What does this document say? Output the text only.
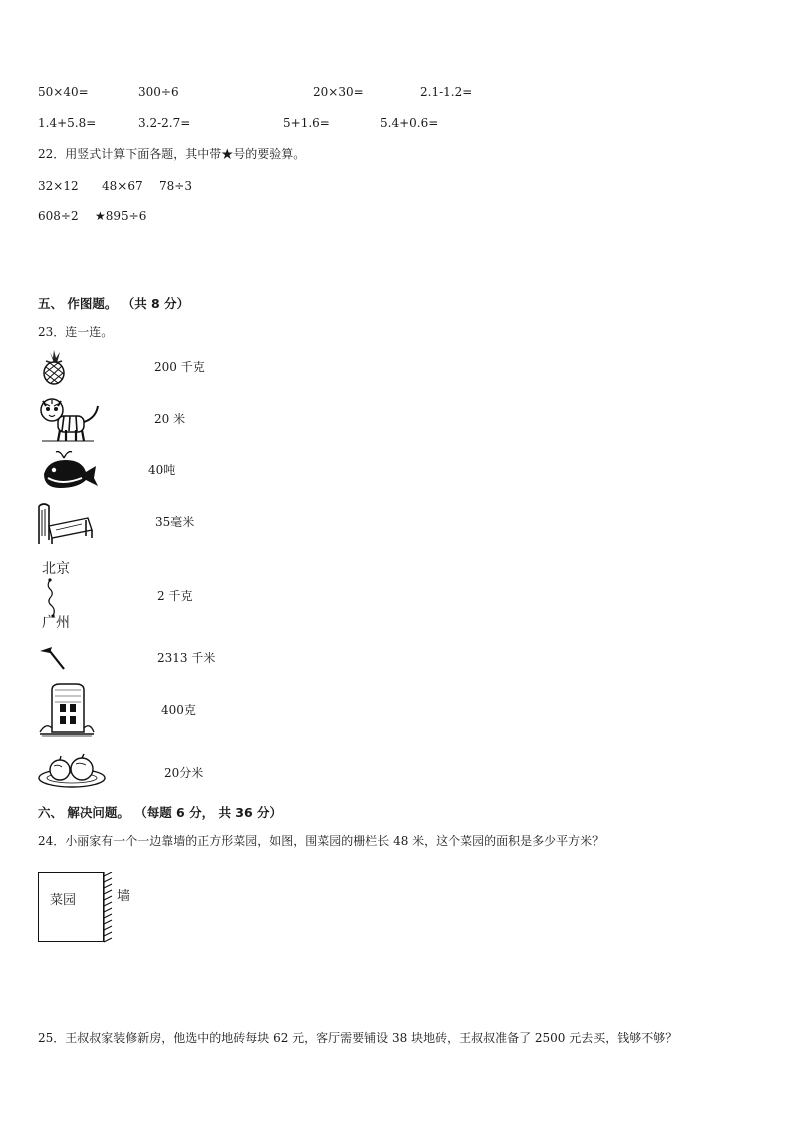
50×40=	300÷6	20×30=	2.1-1.2=
1.4+5.8=	3.2-2.7=	5+1.6=	5.4+0.6=
22．用竖式计算下面各题，其中带★号的要验算。
32×12 48×67 78÷3
608÷2 ★895÷6
五、 作图题。 （共 8 分）
23．连一连。
北京
广州
200 千克
20 米
40吨
35毫米
2 千克
2313 千米
400克
20分米
六、 解决问题。 （每题 6 分， 共 36 分）
24．小丽家有一个一边靠墙的正方形菜园，如图，围菜园的栅栏长 48 米，这个菜园的面积是多少平方米？
菜园	墙
25．王叔叔家装修新房，他选中的地砖每块 62 元，客厅需要铺设 38 块地砖，王叔叔准备了 2500 元去买，钱够不够？
